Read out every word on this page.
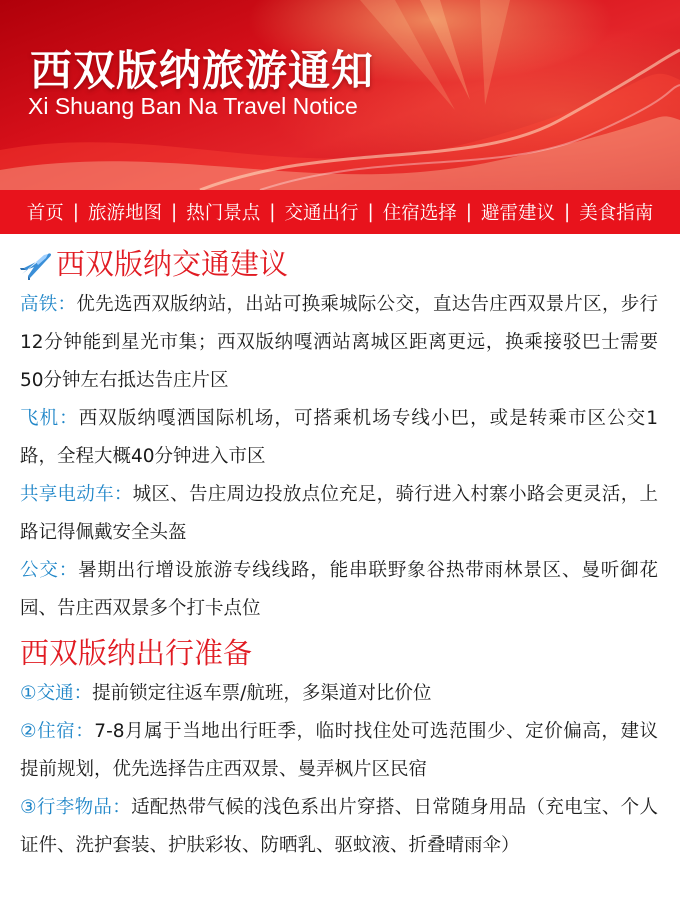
西双版纳旅游通知

Xi Shuang Ban Na Travel Notice

首页 | 旅游地图 | 热门景点 | 交通出行 | 住宿选择 | 避雷建议 | 美食指南
西双版纳交通建议

高铁：优先选西双版纳站，出站可换乘城际公交，直达告庄西双景片区，步行12分钟能到星光市集；西双版纳嘎洒站离城区距离更远，换乘接驳巴士需要50分钟左右抵达告庄片区

飞机：西双版纳嘎洒国际机场，可搭乘机场专线小巴，或是转乘市区公交1路，全程大概40分钟进入市区

共享电动车：城区、告庄周边投放点位充足，骑行进入村寨小路会更灵活，上路记得佩戴安全头盔

公交：暑期出行增设旅游专线线路，能串联野象谷热带雨林景区、曼听御花园、告庄西双景多个打卡点位

西双版纳出行准备

①交通：提前锁定往返车票/航班，多渠道对比价位

②住宿：7-8月属于当地出行旺季，临时找住处可选范围少、定价偏高，建议提前规划，优先选择告庄西双景、曼弄枫片区民宿

③行李物品：适配热带气候的浅色系出片穿搭、日常随身用品（充电宝、个人证件、洗护套装、护肤彩妆、防晒乳、驱蚊液、折叠晴雨伞）
